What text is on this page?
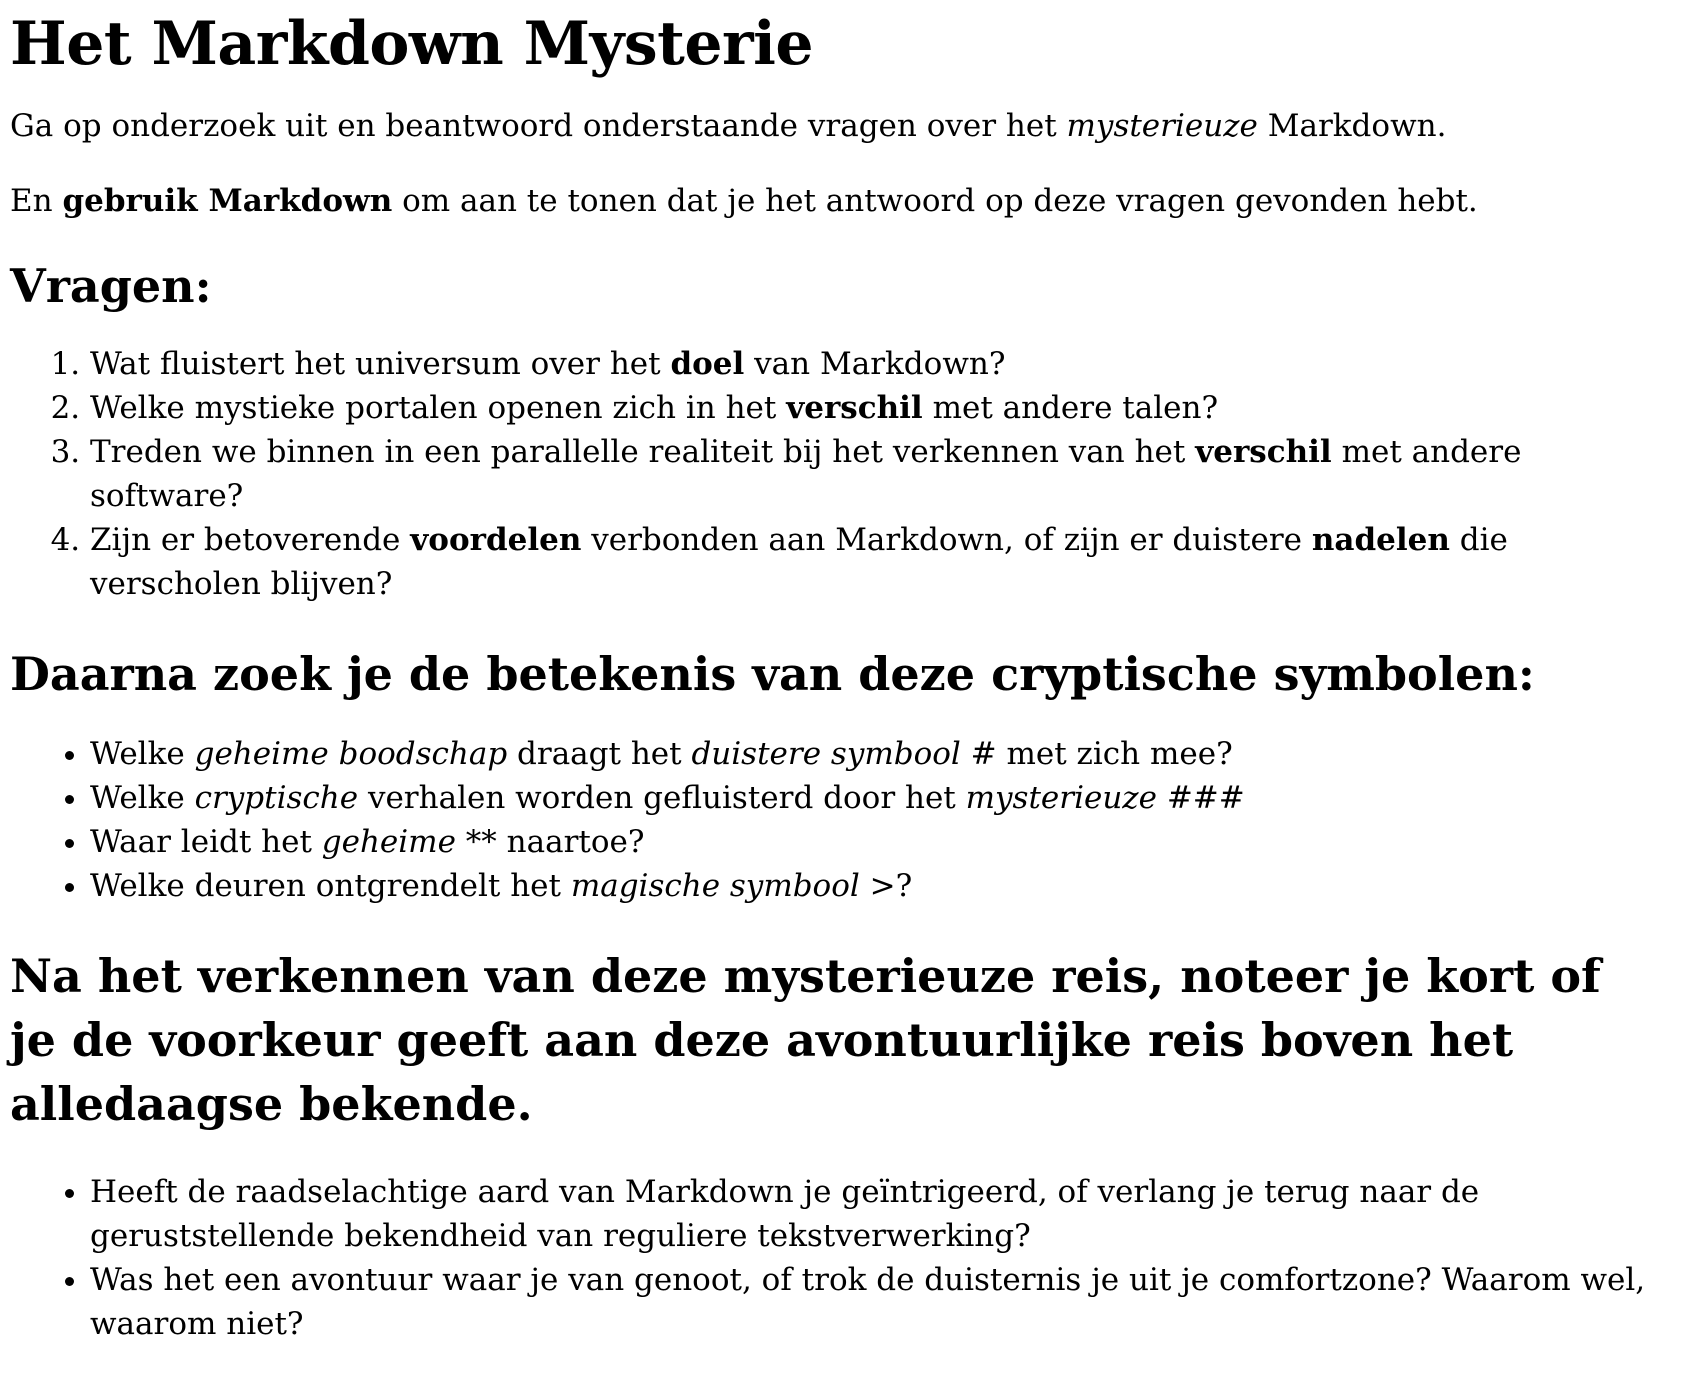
Het Markdown Mysterie

Ga op onderzoek uit en beantwoord onderstaande vragen over het mysterieuze Markdown.

En gebruik Markdown om aan te tonen dat je het antwoord op deze vragen gevonden hebt.

Vragen:
1. Wat fluistert het universum over het doel van Markdown?
2. Welke mystieke portalen openen zich in het verschil met andere talen?
3. Treden we binnen in een parallelle realiteit bij het verkennen van het verschil met andere software?
4. Zijn er betoverende voordelen verbonden aan Markdown, of zijn er duistere nadelen die verscholen blijven?
Daarna zoek je de betekenis van deze cryptische symbolen:
• Welke geheime boodschap draagt het duistere symbool # met zich mee?
• Welke cryptische verhalen worden gefluisterd door het mysterieuze ###
• Waar leidt het geheime ** naartoe?
• Welke deuren ontgrendelt het magische symbool >?
Na het verkennen van deze mysterieuze reis, noteer je kort of je de voorkeur geeft aan deze avontuurlijke reis boven het alledaagse bekende.
• Heeft de raadselachtige aard van Markdown je geïntrigeerd, of verlang je terug naar de geruststellende bekendheid van reguliere tekstverwerking?
• Was het een avontuur waar je van genoot, of trok de duisternis je uit je comfortzone? Waarom wel, waarom niet?
